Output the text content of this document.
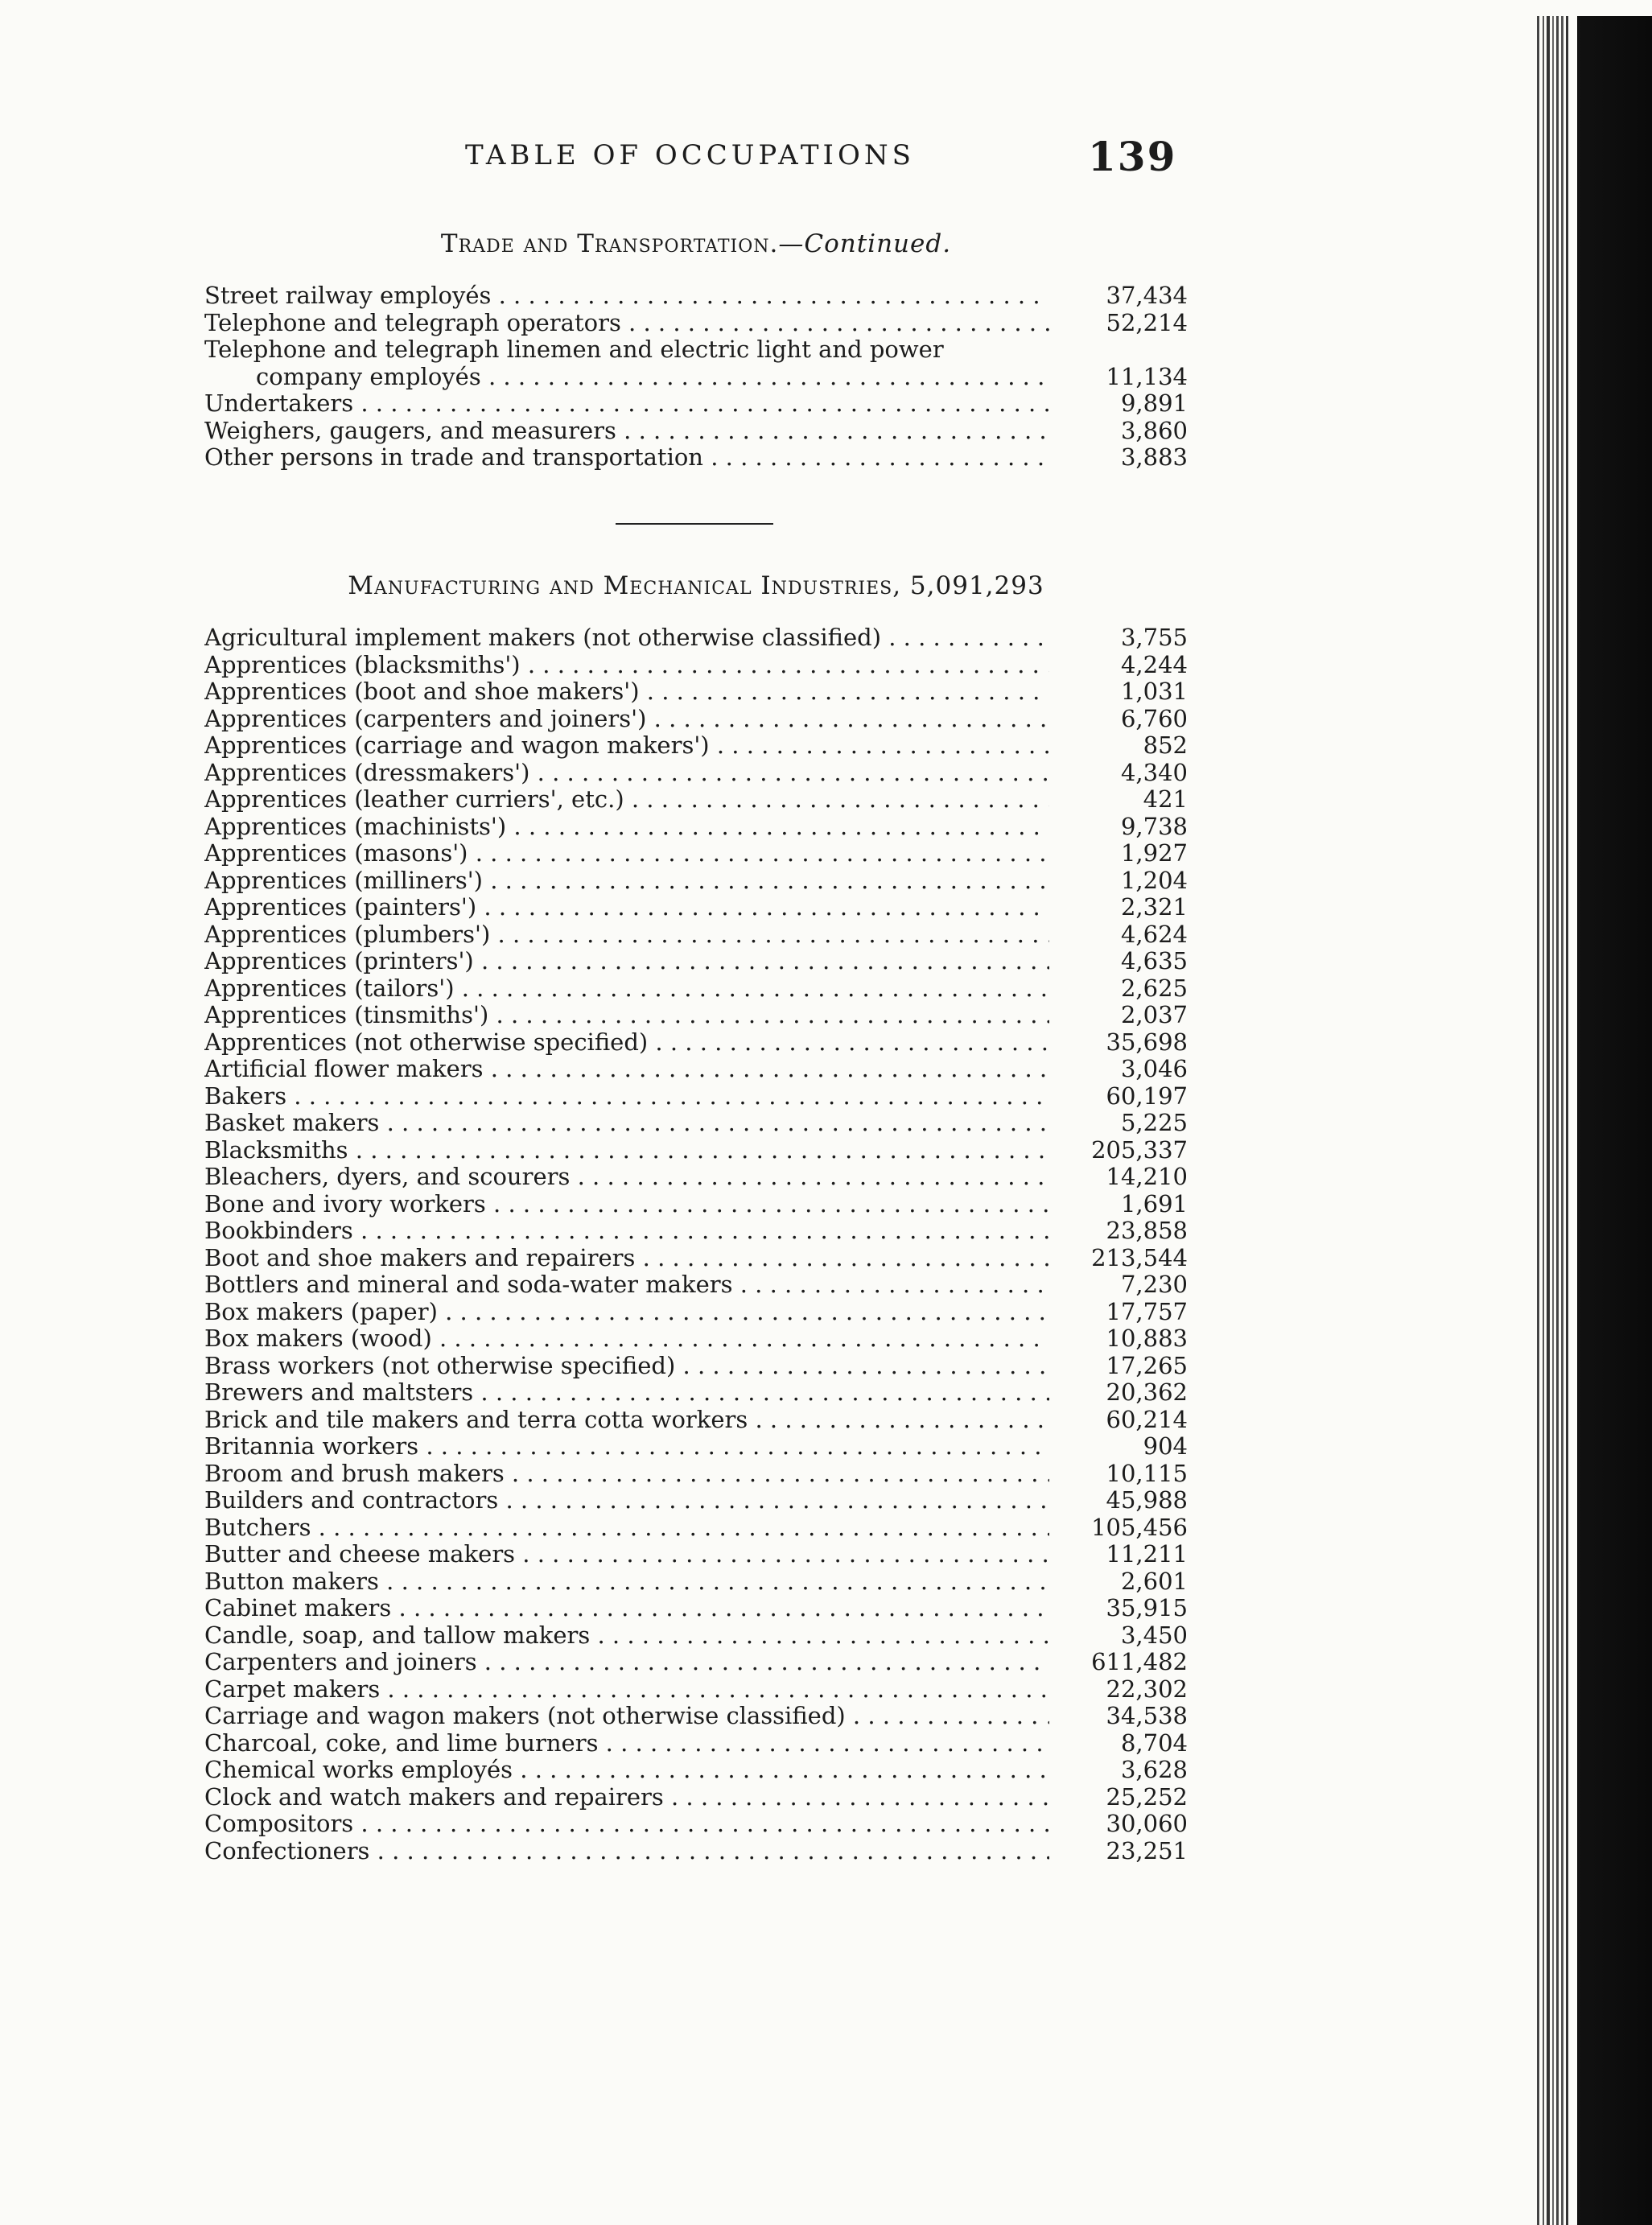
TABLE OF OCCUPATIONS	139
Trade and Transportation.—Continued.
Street railway employés . . .	37,434
Telephone and telegraph operators . . .	52,214
Telephone and telegraph linemen and electric light and power
company employés . . .	11,134
Undertakers . . .	9,891
Weighers, gaugers, and measurers . . .	3,860
Other persons in trade and transportation . . .	3,883
Manufacturing and Mechanical Industries, 5,091,293
Agricultural implement makers (not otherwise classified) . . .	3,755
Apprentices (blacksmiths') . . .	4,244
Apprentices (boot and shoe makers') . . .	1,031
Apprentices (carpenters and joiners') . . .	6,760
Apprentices (carriage and wagon makers') . . .	852
Apprentices (dressmakers') . . .	4,340
Apprentices (leather curriers', etc.) . . .	421
Apprentices (machinists') . . .	9,738
Apprentices (masons') . . .	1,927
Apprentices (milliners') . . .	1,204
Apprentices (painters') . . .	2,321
Apprentices (plumbers') . . .	4,624
Apprentices (printers') . . .	4,635
Apprentices (tailors') . . .	2,625
Apprentices (tinsmiths') . . .	2,037
Apprentices (not otherwise specified) . . .	35,698
Artificial flower makers . . .	3,046
Bakers . . .	60,197
Basket makers . . .	5,225
Blacksmiths . . .	205,337
Bleachers, dyers, and scourers . . .	14,210
Bone and ivory workers . . .	1,691
Bookbinders . . .	23,858
Boot and shoe makers and repairers . . .	213,544
Bottlers and mineral and soda-water makers . . .	7,230
Box makers (paper) . . .	17,757
Box makers (wood) . . .	10,883
Brass workers (not otherwise specified) . . .	17,265
Brewers and maltsters . . .	20,362
Brick and tile makers and terra cotta workers . . .	60,214
Britannia workers . . .	904
Broom and brush makers . . .	10,115
Builders and contractors . . .	45,988
Butchers . . .	105,456
Butter and cheese makers . . .	11,211
Button makers . . .	2,601
Cabinet makers . . .	35,915
Candle, soap, and tallow makers . . .	3,450
Carpenters and joiners . . .	611,482
Carpet makers . . .	22,302
Carriage and wagon makers (not otherwise classified) . . .	34,538
Charcoal, coke, and lime burners . . .	8,704
Chemical works employés . . .	3,628
Clock and watch makers and repairers . . .	25,252
Compositors . . .	30,060
Confectioners . . .	23,251
